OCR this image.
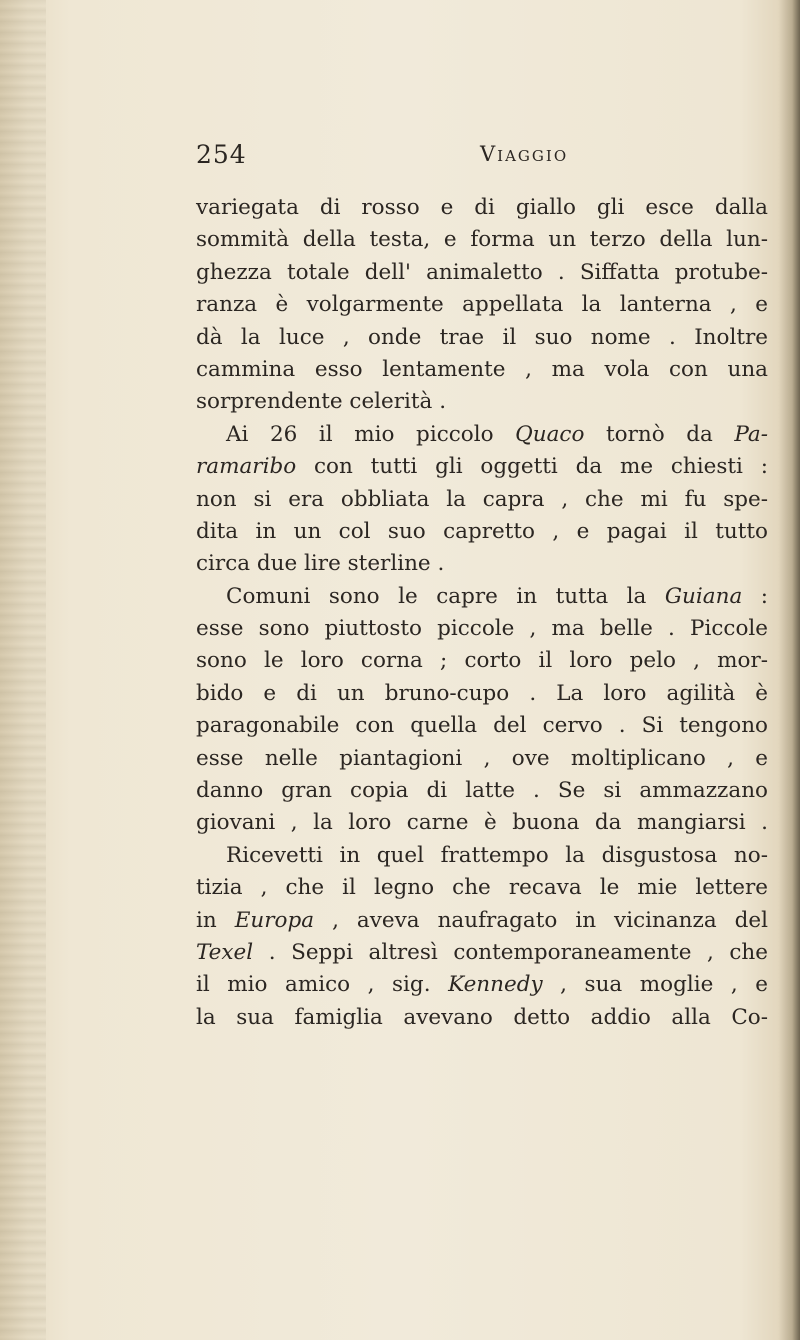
254	Viaggio
variegata di rosso e di giallo gli esce dalla
sommità della testa, e forma un terzo della lun-
ghezza totale dell' animaletto . Siffatta protube-
ranza è volgarmente appellata la lanterna , e
dà la luce , onde trae il suo nome . Inoltre
cammina esso lentamente , ma vola con una
sorprendente celerità .
Ai 26 il mio piccolo Quaco tornò da Pa-
ramaribo con tutti gli oggetti da me chiesti :
non si era obbliata la capra , che mi fu spe-
dita in un col suo capretto , e pagai il tutto
circa due lire sterline .
Comuni sono le capre in tutta la Guiana :
esse sono piuttosto piccole , ma belle . Piccole
sono le loro corna ; corto il loro pelo , mor-
bido e di un bruno-cupo . La loro agilità è
paragonabile con quella del cervo . Si tengono
esse nelle piantagioni , ove moltiplicano , e
danno gran copia di latte . Se si ammazzano
giovani , la loro carne è buona da mangiarsi .
Ricevetti in quel frattempo la disgustosa no-
tizia , che il legno che recava le mie lettere
in Europa , aveva naufragato in vicinanza del
Texel . Seppi altresì contemporaneamente , che
il mio amico , sig. Kennedy , sua moglie , e
la sua famiglia avevano detto addio alla Co-
